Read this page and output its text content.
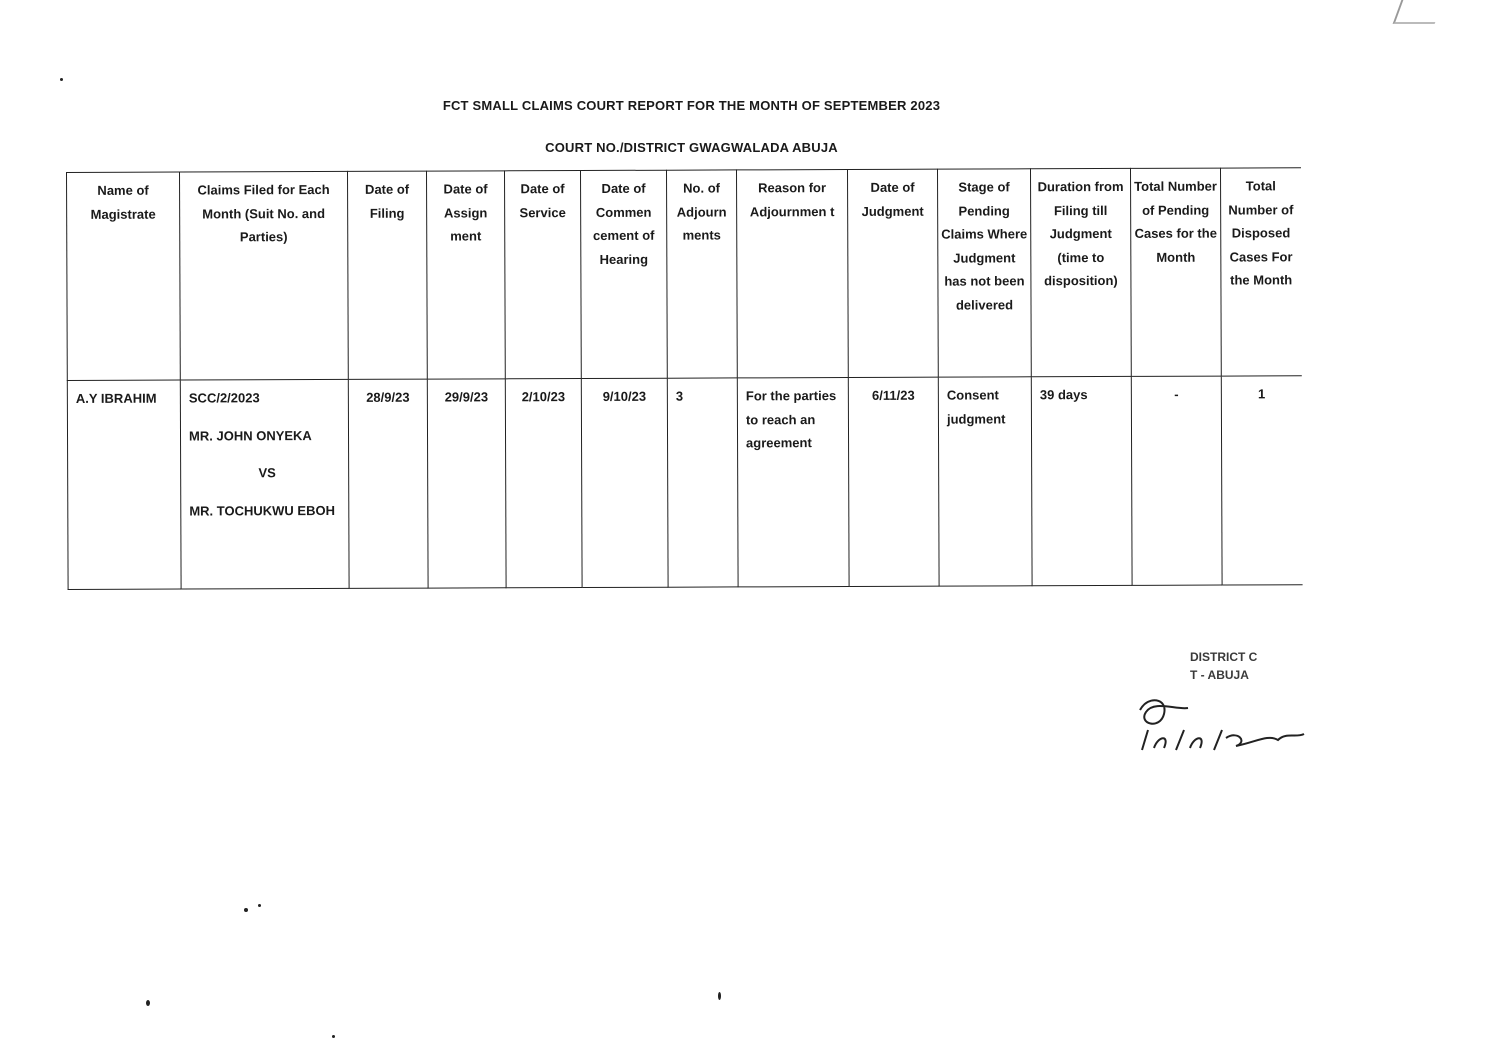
FCT SMALL CLAIMS COURT REPORT FOR THE MONTH OF SEPTEMBER 2023
COURT NO./DISTRICT GWAGWALADA ABUJA
Name of Magistrate	Claims Filed for Each Month (Suit No. and Parties)	Date of Filing	Date of Assign ment	Date of Service	Date of Commen cement of Hearing	No. of Adjourn ments	Reason for Adjournmen t	Date of Judgment	Stage of Pending Claims Where Judgment has not been delivered	Duration from Filing till Judgment (time to disposition)	Total Number of Pending Cases for the Month	Total Number of Disposed Cases For the Month
A.Y IBRAHIM	SCC/2/2023
MR. JOHN ONYEKA
VS
MR. TOCHUKWU EBOH	28/9/23	29/9/23	2/10/23	9/10/23	3	For the parties to reach an agreement	6/11/23	Consent judgment	39 days	-	1
DISTRICT C
T - ABUJA
